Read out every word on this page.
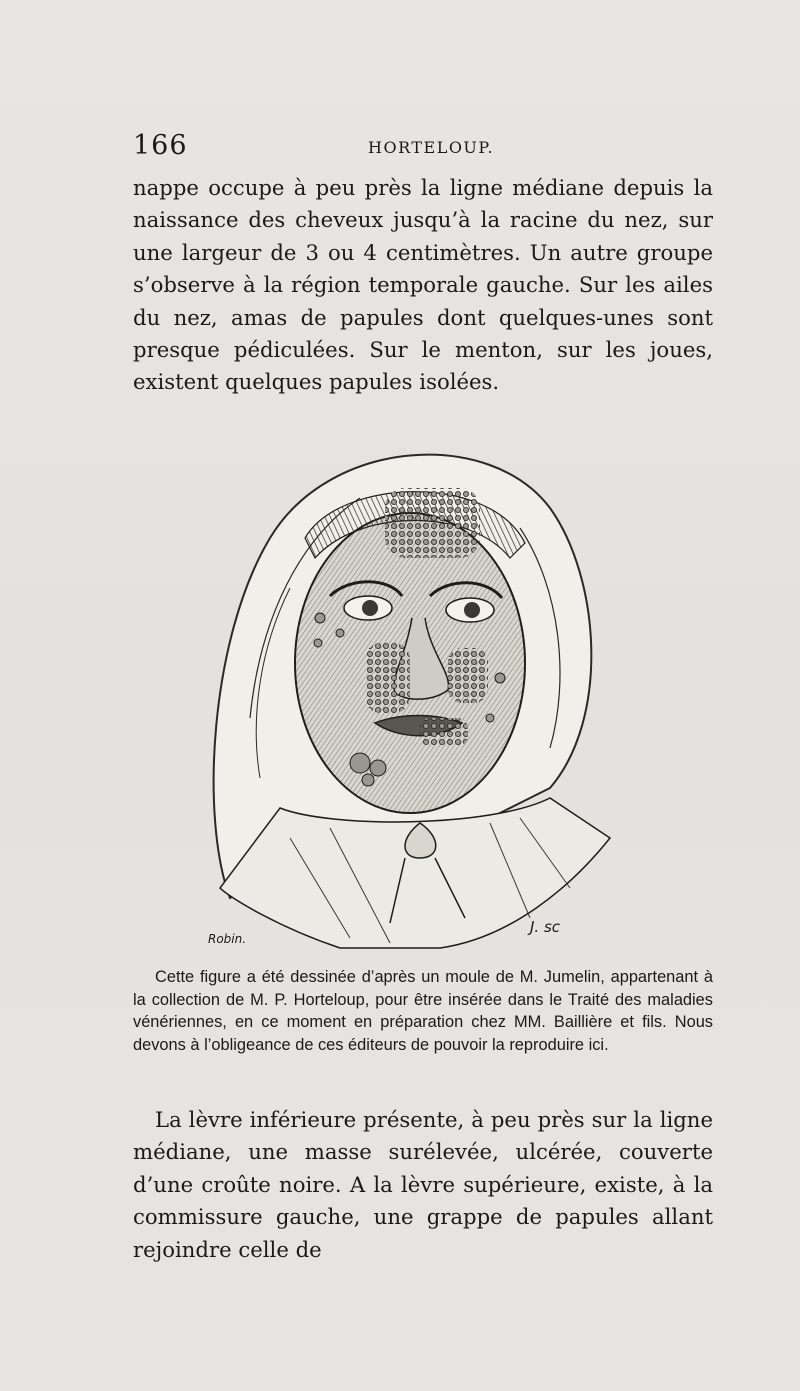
166	HORTELOUP.

nappe occupe à peu près la ligne médiane depuis la naissance des cheveux jusqu’à la racine du nez, sur une largeur de 3 ou 4 centimètres. Un autre groupe s’observe à la région temporale gauche. Sur les ailes du nez, amas de papules dont quelques-unes sont presque pédiculées. Sur le menton, sur les joues, existent quelques papules isolées.

Robin.
J. sc

Cette figure a été dessinée d’après un moule de M. Jumelin, appartenant à la collection de M. P. Horteloup, pour être insérée dans le Traité des maladies vénériennes, en ce moment en préparation chez MM. Baillière et fils. Nous devons à l’obligeance de ces éditeurs de pouvoir la reproduire ici.

La lèvre inférieure présente, à peu près sur la ligne médiane, une masse surélevée, ulcérée, couverte d’une croûte noire. A la lèvre supérieure, existe, à la commissure gauche, une grappe de papules allant rejoindre celle de
